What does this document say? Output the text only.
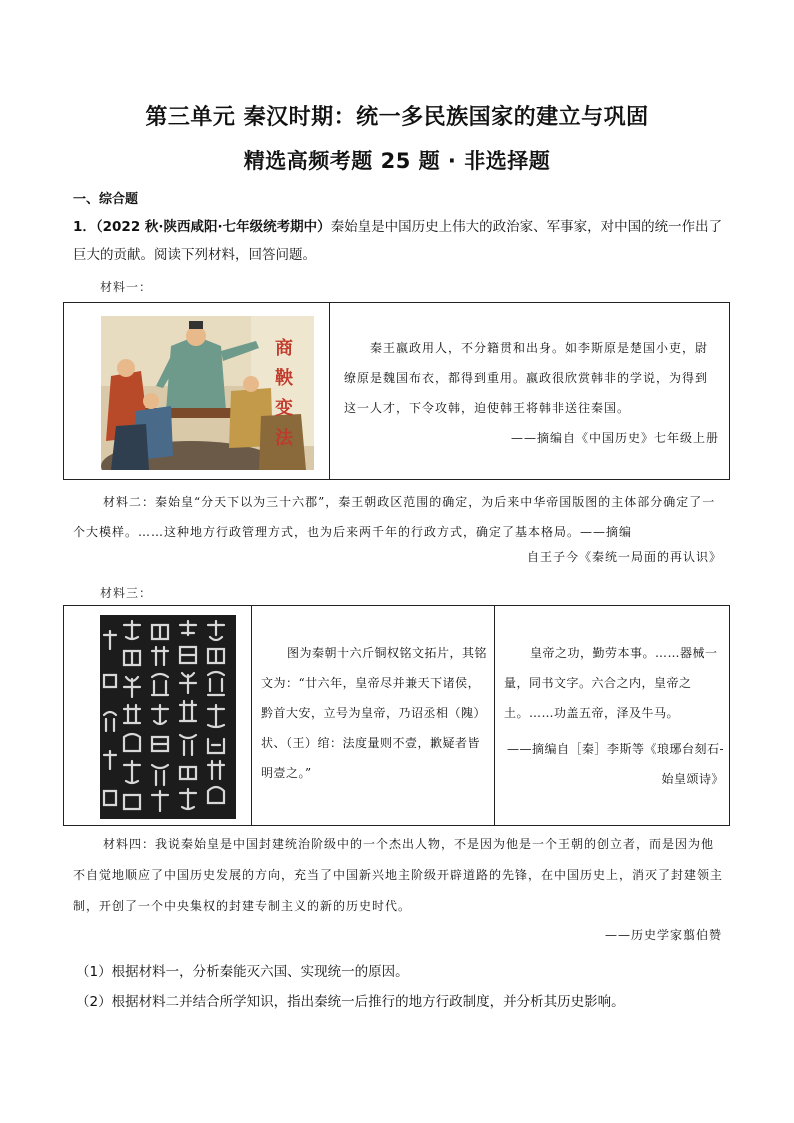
第三单元 秦汉时期：统一多民族国家的建立与巩固
精选高频考题 25 题 · 非选择题
一、综合题
1．（2022 秋·陕西咸阳·七年级统考期中）秦始皇是中国历史上伟大的政治家、军事家，对中国的统一作出了巨大的贡献。阅读下列材料，回答问题。
材料一：
商
鞅
变
法
秦王嬴政用人，不分籍贯和出身。如李斯原是楚国小吏，尉缭原是魏国布衣，都得到重用。嬴政很欣赏韩非的学说，为得到这一人才，下令攻韩，迫使韩王将韩非送往秦国。
——摘编自《中国历史》七年级上册
材料二：秦始皇“分天下以为三十六郡”，秦王朝政区范围的确定，为后来中华帝国版图的主体部分确定了一个大模样。……这种地方行政管理方式，也为后来两千年的行政方式，确定了基本格局。——摘编
自王子今《秦统一局面的再认识》
材料三：
图为秦朝十六斤铜权铭文拓片，其铭文为：“廿六年，皇帝尽并兼天下诸侯，黔首大安，立号为皇帝，乃诏丞相（隗）状、（王）绾：法度量则不壹，歉疑者皆明壹之。”
皇帝之功，勤劳本事。……器械一量，同书文字。六合之内，皇帝之土。……功盖五帝，泽及牛马。
——摘编自［秦］李斯等《琅琊台刻石-始皇颂诗》
材料四：我说秦始皇是中国封建统治阶级中的一个杰出人物，不是因为他是一个王朝的创立者，而是因为他不自觉地顺应了中国历史发展的方向，充当了中国新兴地主阶级开辟道路的先锋，在中国历史上，消灭了封建领主制，开创了一个中央集权的封建专制主义的新的历史时代。
——历史学家翦伯赞
（1）根据材料一，分析秦能灭六国、实现统一的原因。
（2）根据材料二并结合所学知识，指出秦统一后推行的地方行政制度，并分析其历史影响。
